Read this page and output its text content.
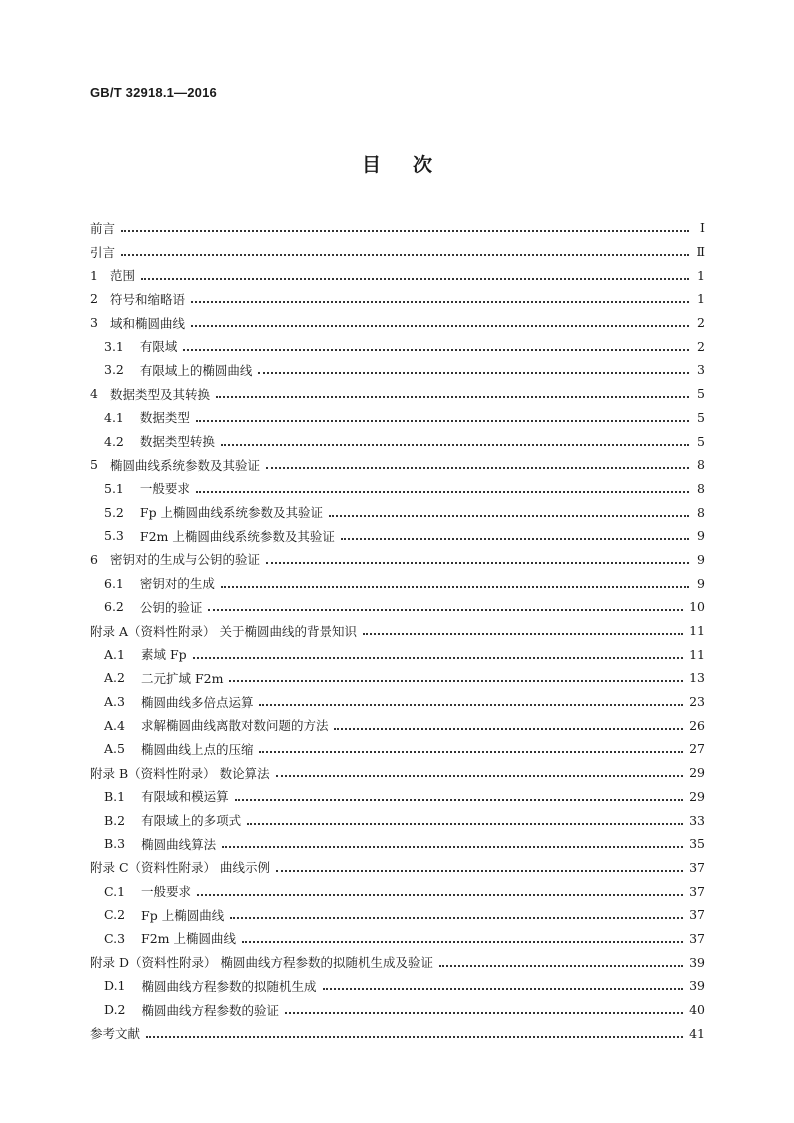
GB/T 32918.1—2016
目次
前言	Ⅰ
引言	Ⅱ
1 范围	1
2 符号和缩略语	1
3 域和椭圆曲线	2
3.1 有限域	2
3.2 有限域上的椭圆曲线	3
4 数据类型及其转换	5
4.1 数据类型	5
4.2 数据类型转换	5
5 椭圆曲线系统参数及其验证	8
5.1 一般要求	8
5.2 Fp 上椭圆曲线系统参数及其验证	8
5.3 F2m 上椭圆曲线系统参数及其验证	9
6 密钥对的生成与公钥的验证	9
6.1 密钥对的生成	9
6.2 公钥的验证	10
附录 A（资料性附录） 关于椭圆曲线的背景知识	11
A.1 素域 Fp	11
A.2 二元扩域 F2m	13
A.3 椭圆曲线多倍点运算	23
A.4 求解椭圆曲线离散对数问题的方法	26
A.5 椭圆曲线上点的压缩	27
附录 B（资料性附录） 数论算法	29
B.1 有限域和模运算	29
B.2 有限域上的多项式	33
B.3 椭圆曲线算法	35
附录 C（资料性附录） 曲线示例	37
C.1 一般要求	37
C.2 Fp 上椭圆曲线	37
C.3 F2m 上椭圆曲线	37
附录 D（资料性附录） 椭圆曲线方程参数的拟随机生成及验证	39
D.1 椭圆曲线方程参数的拟随机生成	39
D.2 椭圆曲线方程参数的验证	40
参考文献	41
